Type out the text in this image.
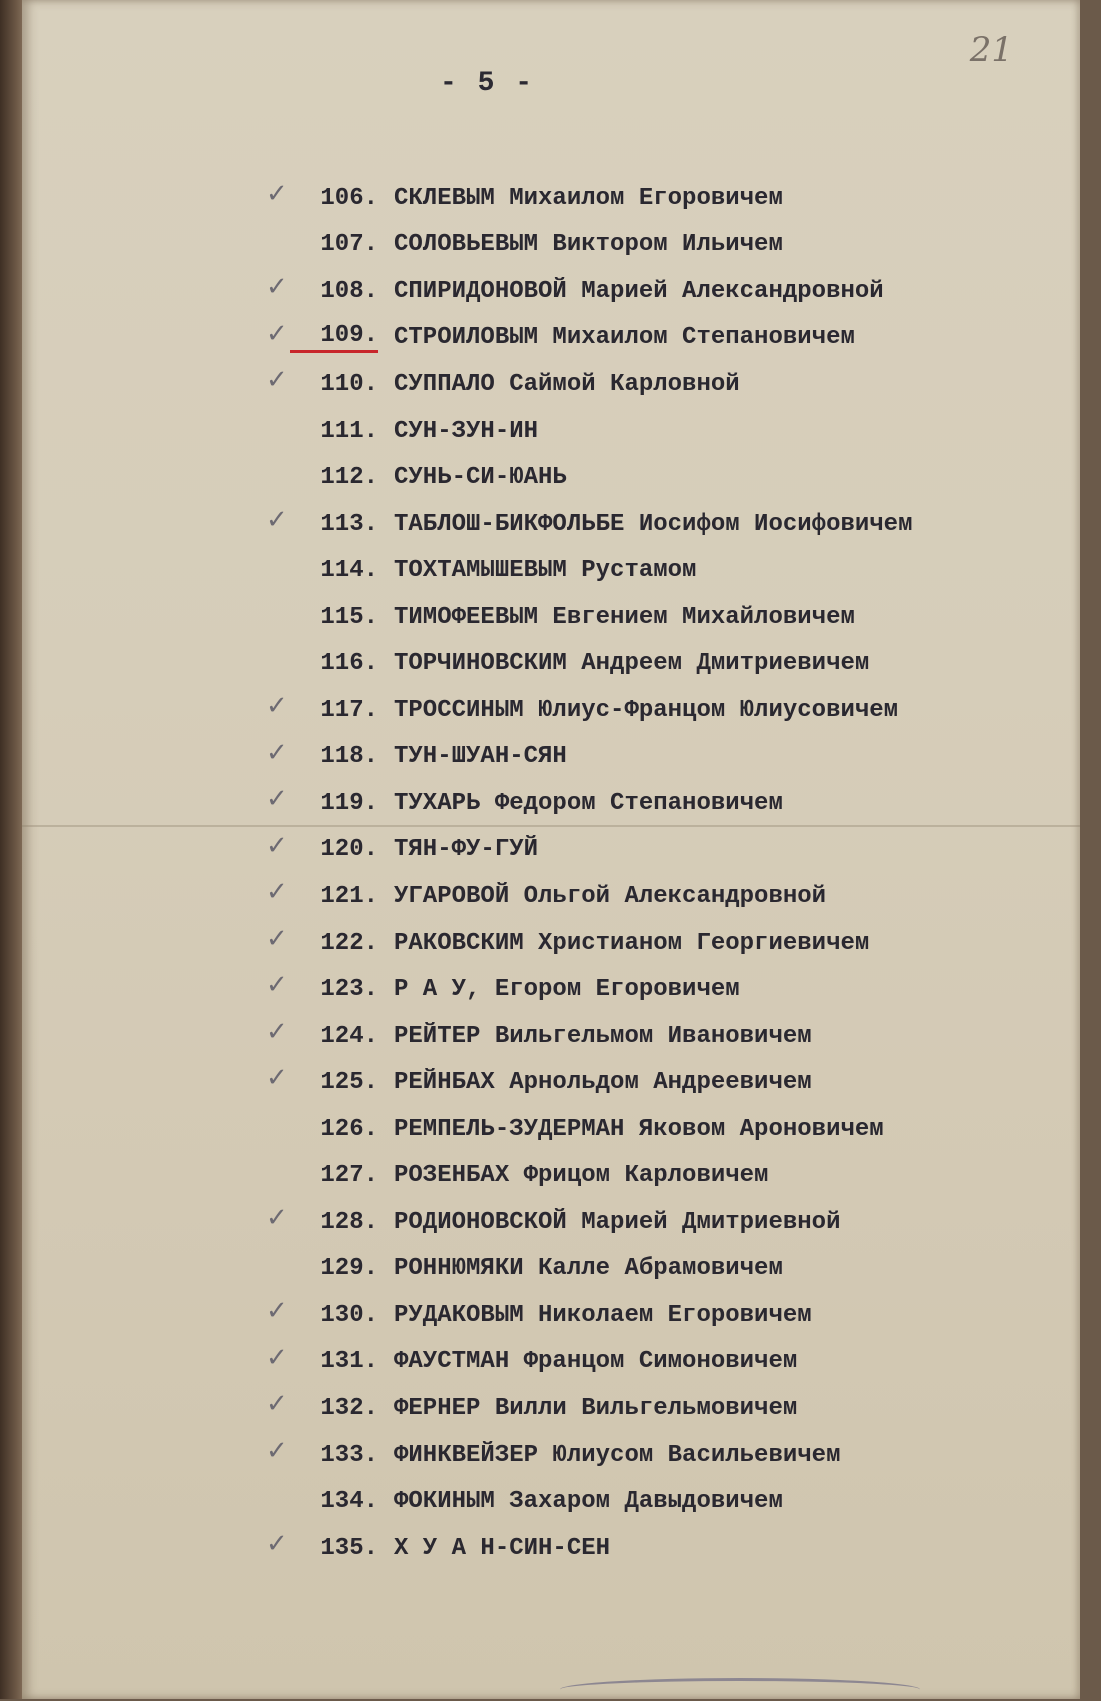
21
- 5 -
✓	106. СКЛЕВЫМ Михаилом Егоровичем
107. СОЛОВЬЕВЫМ Виктором Ильичем
✓	108. СПИРИДОНОВОЙ Марией Александровной
✓	109. СТРОИЛОВЫМ Михаилом Степановичем
✓	110. СУППАЛО Саймой Карловной
111. СУН-ЗУН-ИН
112. СУНЬ-СИ-ЮАНЬ
✓	113. ТАБЛОШ-БИКФОЛЬБЕ Иосифом Иосифовичем
114. ТОХТАМЫШЕВЫМ Рустамом
115. ТИМОФЕЕВЫМ Евгением Михайловичем
116. ТОРЧИНОВСКИМ Андреем Дмитриевичем
✓	117. ТРОССИНЫМ Юлиус-Францом Юлиусовичем
✓	118. ТУН-ШУАН-СЯН
✓	119. ТУХАРЬ Федором Степановичем
✓	120. ТЯН-ФУ-ГУЙ
✓	121. УГАРОВОЙ Ольгой Александровной
✓	122. РАКОВСКИМ Христианом Георгиевичем
✓	123. Р А У, Егором Егоровичем
✓	124. РЕЙТЕР Вильгельмом Ивановичем
✓	125. РЕЙНБАХ Арнольдом Андреевичем
126. РЕМПЕЛЬ-ЗУДЕРМАН Яковом Ароновичем
127. РОЗЕНБАХ Фрицом Карловичем
✓	128. РОДИОНОВСКОЙ Марией Дмитриевной
129. РОННЮМЯКИ Калле Абрамовичем
✓	130. РУДАКОВЫМ Николаем Егоровичем
✓	131. ФАУСТМАН Францом Симоновичем
✓	132. ФЕРНЕР Вилли Вильгельмовичем
✓	133. ФИНКВЕЙЗЕР Юлиусом Васильевичем
134. ФОКИНЫМ Захаром Давыдовичем
✓	135. Х У А Н-СИН-СЕН
